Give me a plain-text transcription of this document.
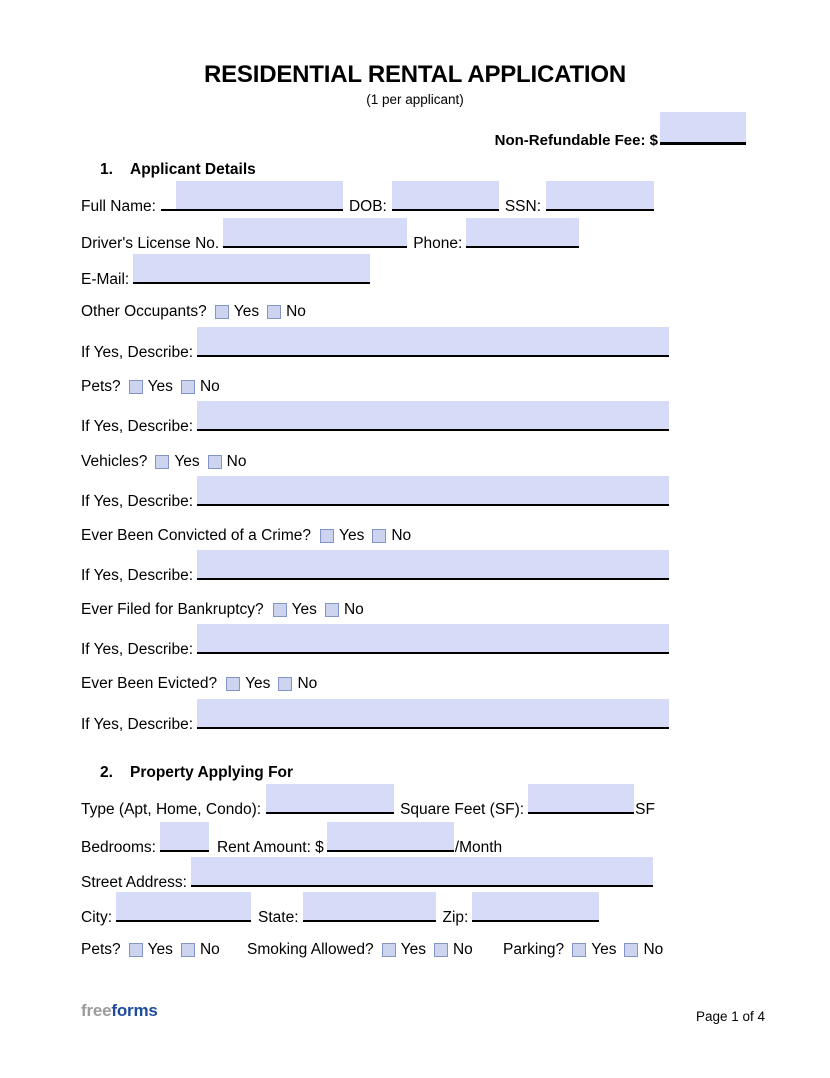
RESIDENTIAL RENTAL APPLICATION
(1 per applicant)
Non-Refundable Fee: $
1.	Applicant Details
Full Name:	DOB:	SSN:
Driver's License No.	Phone:
E-Mail:
Other Occupants? Yes No
If Yes, Describe:
Pets? Yes No
If Yes, Describe:
Vehicles? Yes No
If Yes, Describe:
Ever Been Convicted of a Crime? Yes No
If Yes, Describe:
Ever Filed for Bankruptcy? Yes No
If Yes, Describe:
Ever Been Evicted? Yes No
If Yes, Describe:
2.	Property Applying For
Type (Apt, Home, Condo):	Square Feet (SF):	SF
Bedrooms:	Rent Amount: $	/Month
Street Address:
City:	State:	Zip:
Pets? Yes No Smoking Allowed? Yes No Parking? Yes No
freeforms	Page 1 of 4
